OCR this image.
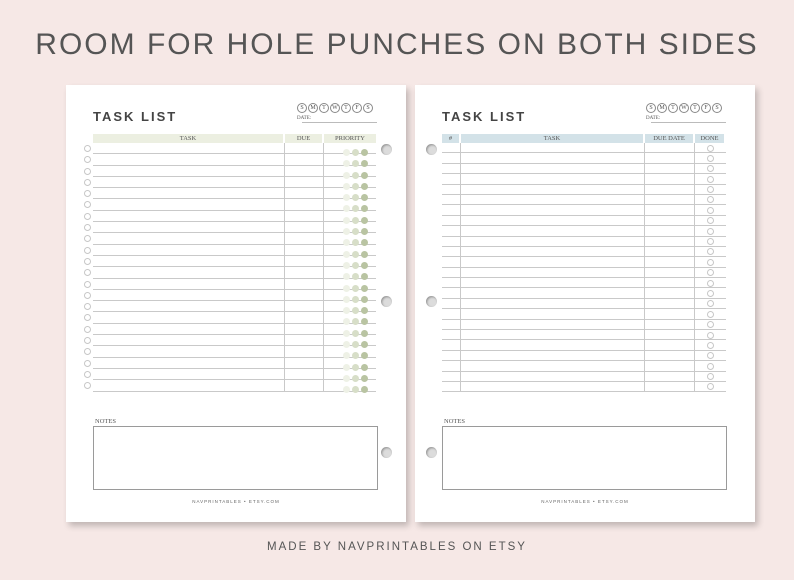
ROOM FOR HOLE PUNCHES ON BOTH SIDES
TASK LIST
S	M	T	W	T	F	S
DATE:
TASK	DUE	PRIORITY
NOTES
NAVPRINTABLES • ETSY.COM
TASK LIST
S	M	T	W	T	F	S
DATE:
#	TASK	DUE DATE	DONE
NOTES
NAVPRINTABLES • ETSY.COM
MADE BY NAVPRINTABLES ON ETSY
